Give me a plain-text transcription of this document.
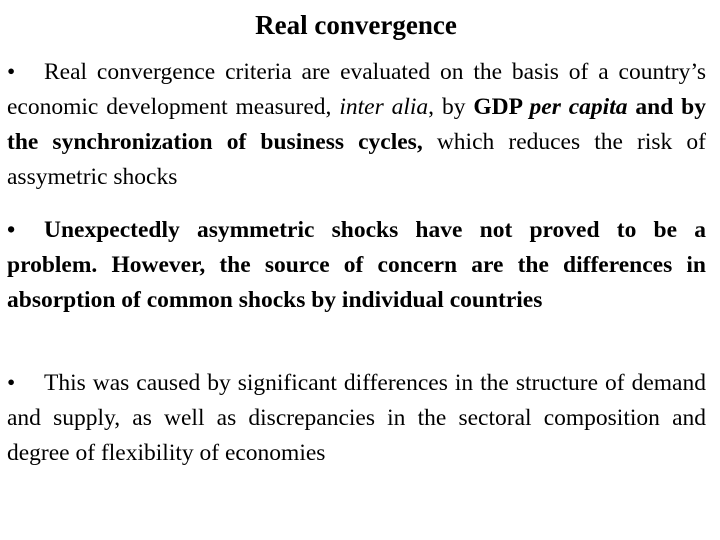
Real convergence
• Real convergence criteria are evaluated on the basis of a country’s economic development measured, inter alia, by GDP per capita and by the synchronization of business cycles, which reduces the risk of assymetric shocks
• Unexpectedly asymmetric shocks have not proved to be a problem. However, the source of concern are the differences in absorption of common shocks by individual countries
• This was caused by significant differences in the structure of demand and supply, as well as discrepancies in the sectoral composition and degree of flexibility of economies
